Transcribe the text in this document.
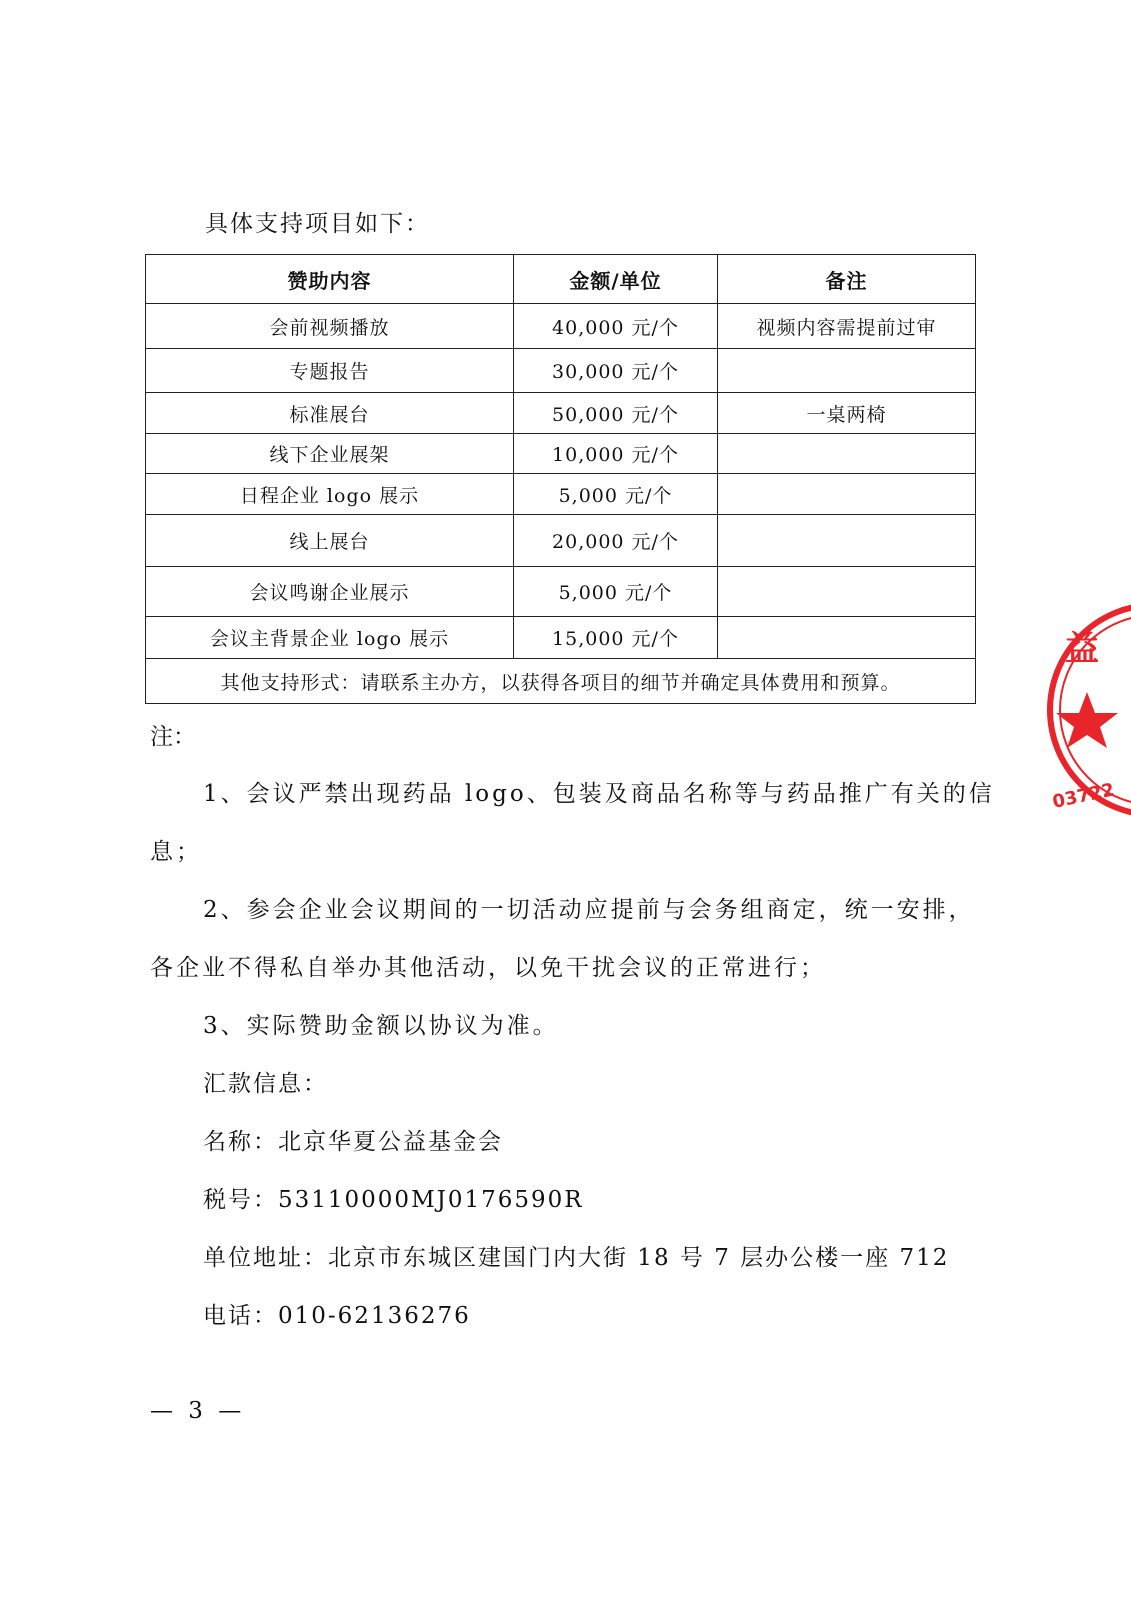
具体支持项目如下：
赞助内容	金额/单位	备注
会前视频播放	40,000 元/个	视频内容需提前过审
专题报告	30,000 元/个	
标准展台	50,000 元/个	一桌两椅
线下企业展架	10,000 元/个	
日程企业 logo 展示	5,000 元/个	
线上展台	20,000 元/个	
会议鸣谢企业展示	5,000 元/个	
会议主背景企业 logo 展示	15,000 元/个	
其他支持形式：请联系主办方，以获得各项目的细节并确定具体费用和预算。		
注：
1、会议严禁出现药品 logo、包装及商品名称等与药品推广有关的信
息；
2、参会企业会议期间的一切活动应提前与会务组商定，统一安排，
各企业不得私自举办其他活动，以免干扰会议的正常进行；
3、实际赞助金额以协议为准。
汇款信息：
名称：北京华夏公益基金会
税号：53110000MJ0176590R
单位地址：北京市东城区建国门内大街 18 号 7 层办公楼一座 712
电话：010-62136276
— 3 —
益
03722
